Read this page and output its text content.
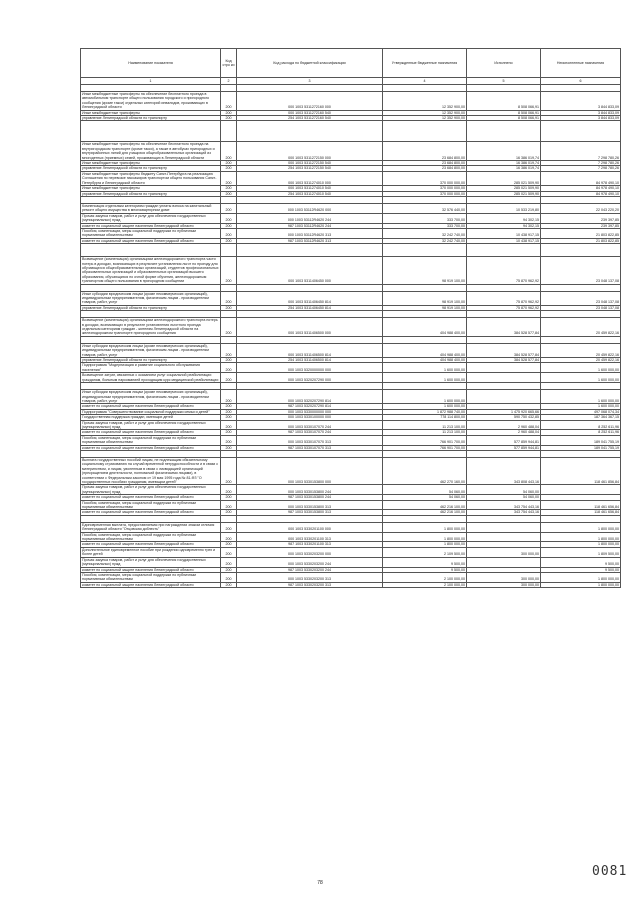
Наименование показателя	Код стро ки	Код расхода по бюджетной классификации	Утвержденные бюджетные назначения	Исполнено	Неисполненные назначения
1	2	3	4	5	6

Иные межбюджетные трансферты на обеспечение бесплатного проезда в автомобильном транспорте общего пользования городского и пригородного сообщения (кроме такси) отдельных категорий инвалидов, проживающих в Ленинградской области	200	000 1003 5311272160 000	12 352 900,00	8 508 066,91	3 844 833,09
Иные межбюджетные трансферты	200	000 1003 5311272160 540	12 352 900,00	8 508 066,91	3 844 833,09
управление Ленинградской области по транспорту	200	254 1003 5311272160 540	12 352 900,00	8 508 066,91	3 844 833,09

Иные межбюджетные трансферты на обеспечение бесплатного проезда на внутригородском транспорте (кроме такси), а также в автобусах пригородных и внутрирайонных линий для учащихся общеобразовательных организаций из многодетных (приемных) семей, проживающих в Ленинградской области	200	000 1003 5311272150 000	23 684 800,00	16 386 019,74	7 298 780,26
Иные межбюджетные трансферты	200	000 1003 5311272150 540	23 684 800,00	16 386 019,74	7 298 780,26
управление Ленинградской области по транспорту	200	254 1003 5311272150 540	23 684 800,00	16 386 019,74	7 298 780,26
Иные межбюджетные трансферты бюджету Санкт-Петербурга на реализацию Соглашения по перевозке пассажиров транспортом общего пользования Санкт-Петербурга и Ленинградской области	200	000 1003 5311274010 000	370 000 000,00	285 021 509,90	84 978 490,10
Иные межбюджетные трансферты	200	000 1003 5311274010 540	370 000 000,00	285 021 509,90	84 978 490,10
управление Ленинградской области по транспорту	200	254 1003 5311274010 540	370 000 000,00	285 021 509,90	84 978 490,10

Компенсация отдельным категориям граждан уплаты взноса на капитальный ремонт общего имущества в многоквартирном доме	200	000 1003 53112R4620 000	32 576 440,00	10 533 219,80	22 043 220,20
Прочая закупка товаров, работ и услуг для обеспечения государственных (муниципальных) нужд	200	000 1003 53112R4620 244	333 700,00	94 302,15	239 397,85
комитет по социальной защите населения Ленинградской области	200	987 1003 53112R4620 244	333 700,00	94 302,15	239 397,85
Пособия, компенсации, меры социальной поддержки по публичным нормативным обязательствам	200	000 1003 53112R4620 313	32 242 740,00	10 438 917,15	21 803 822,85
комитет по социальной защите населения Ленинградской области	200	987 1003 53112R4620 313	32 242 740,00	10 438 917,15	21 803 822,85

Возмещение (компенсация) организациям железнодорожного транспорта части потерь в доходах, возникающих в результате установления льгот по проезду для обучающихся общеобразовательных организаций, студентов профессиональных образовательных организаций и образовательных организаций высшего образования, обучающихся по очной форме обучения, железнодорожным транспортом общего пользования в пригородном сообщении	200	000 1003 5311406450 000	98 919 100,00	75 870 962,92	23 048 137,08

Иные субсидии юридическим лицам (кроме некоммерческих организаций), индивидуальным предпринимателям, физическим лицам - производителям товаров, работ, услуг	200	000 1003 5311406450 814	98 919 100,00	75 870 962,92	23 048 137,08
управление Ленинградской области по транспорту	200	254 1003 5311406450 814	98 919 100,00	75 870 962,92	23 048 137,08

Возмещение (компенсация) организациям железнодорожного транспорта потерь в доходах, возникающих в результате установления льготного проезда отдельным категориям граждан - жителям Ленинградской области на железнодорожном транспорте пригородного сообщения	200	000 1003 5311406500 000	404 988 400,00	384 528 577,84	20 459 822,16

Иные субсидии юридическим лицам (кроме некоммерческих организаций), индивидуальным предпринимателям, физическим лицам - производителям товаров, работ, услуг	200	000 1003 5311406500 814	404 988 400,00	384 528 577,84	20 459 822,16
управление Ленинградской области по транспорту	200	254 1003 5311406500 814	404 988 400,00	384 528 577,84	20 459 822,16
Подпрограмма "Модернизация и развитие социального обслуживания населения"	200	000 1003 5320000000 000	1 600 000,00		1 600 000,00
Возмещение затрат, связанных с оказанием услуг социальной реабилитации гражданам, больным наркоманией проходящим курс медицинской реабилитации	200	000 1003 5320207290 000	1 600 000,00		1 600 000,00

Иные субсидии юридическим лицам (кроме некоммерческих организаций), индивидуальным предпринимателям, физическим лицам - производителям товаров, работ, услуг	200	000 1003 5320207290 814	1 600 000,00		1 600 000,00
комитет по социальной защите населения Ленинградской области	200	987 1003 5320207290 814	1 600 000,00		1 600 000,00
Подпрограмма "Совершенствование социальной поддержки семьи и детей"	200	000 1003 5330000000 000	1 872 988 740,00	1 475 920 665,66	497 068 074,34
Государственная поддержка граждан, имеющих детей	200	000 1003 5330100000 000	778 114 800,00	590 750 432,85	187 364 367,15
Прочая закупка товаров, работ и услуг для обеспечения государственных (муниципальных) нужд	200	000 1003 5330107070 244	11 213 100,00	2 960 488,04	8 252 611,96
комитет по социальной защите населения Ленинградской области	200	987 1003 5330107070 244	11 213 100,00	2 960 488,04	8 252 611,96
Пособия, компенсации, меры социальной поддержки по публичным нормативным обязательствам	200	000 1003 5330107070 313	766 901 700,00	577 859 944,81	189 041 755,19
комитет по социальной защите населения Ленинградской области	200	987 1003 5330107070 313	766 901 700,00	577 859 944,81	189 041 755,19

Выплата государственных пособий лицам, не подлежащим обязательному социальному страхованию на случай временной нетрудоспособности и в связи с материнством, и лицам, уволенным в связи с ликвидацией организаций (прекращением деятельности, полномочий физическими лицами), в соответствии с Федеральным законом от 19 мая 1995 года № 81-ФЗ "О государственных пособиях гражданам, имеющим детей"	200	000 1003 5330153800 000	462 270 160,00	343 808 443,16	118 461 856,84
Прочая закупка товаров, работ и услуг для обеспечения государственных (муниципальных) нужд	200	000 1003 5330153800 244	54 060,00	54 060,00	
комитет по социальной защите населения Ленинградской области	200	987 1003 5330153800 244	54 060,00	54 060,00	
Пособия, компенсации, меры социальной поддержки по публичным нормативным обязательствам	200	000 1003 5330153800 313	462 216 100,00	343 754 443,16	118 461 656,84
комитет по социальной защите населения Ленинградской области	200	987 1003 5330153800 313	462 216 100,00	343 754 443,16	118 461 656,84

Единовременная выплата, предоставляемая при награждении знаком отличия Ленинградской области "Отцовская доблесть"	200	000 1003 5330201100 000	1 800 000,00		1 800 000,00
Пособия, компенсации, меры социальной поддержки по публичным нормативным обязательствам	200	000 1003 5330201100 313	1 800 000,00		1 800 000,00
комитет по социальной защите населения Ленинградской области	200	987 1003 5330201100 313	1 800 000,00		1 800 000,00
Дополнительное единовременное пособие при рождении одновременно трех и более детей	200	000 1003 5330203200 000	2 109 500,00	300 000,00	1 809 500,00
Прочая закупка товаров, работ и услуг для обеспечения государственных (муниципальных) нужд	200	000 1003 5330203200 244	9 500,00		9 500,00
комитет по социальной защите населения Ленинградской области	200	987 1003 5330203200 244	9 500,00		9 500,00
Пособия, компенсации, меры социальной поддержки по публичным нормативным обязательствам	200	000 1003 5330203200 313	2 100 000,00	300 000,00	1 800 000,00
комитет по социальной защите населения Ленинградской области	200	987 1003 5330203200 313	2 100 000,00	300 000,00	1 800 000,00
78
0081
